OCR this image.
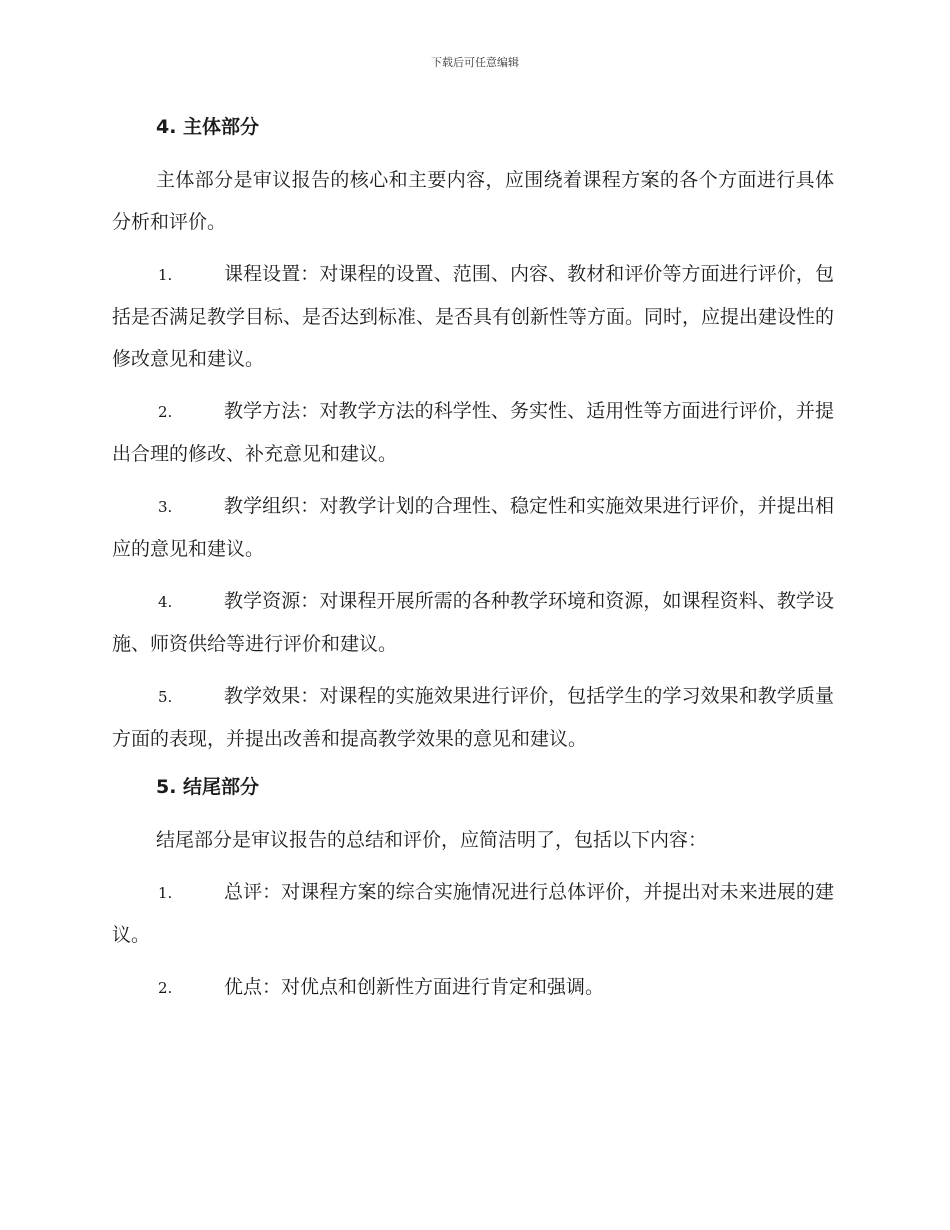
下载后可任意编辑
4. 主体部分

主体部分是审议报告的核心和主要内容，应围绕着课程方案的各个方面进行具体分析和评价。

1.	课程设置：对课程的设置、范围、内容、教材和评价等方面进行评价，包括是否满足教学目标、是否达到标准、是否具有创新性等方面。同时，应提出建设性的修改意见和建议。

2.	教学方法：对教学方法的科学性、务实性、适用性等方面进行评价，并提出合理的修改、补充意见和建议。

3.	教学组织：对教学计划的合理性、稳定性和实施效果进行评价，并提出相应的意见和建议。

4.	教学资源：对课程开展所需的各种教学环境和资源，如课程资料、教学设施、师资供给等进行评价和建议。

5.	教学效果：对课程的实施效果进行评价，包括学生的学习效果和教学质量方面的表现，并提出改善和提高教学效果的意见和建议。

5. 结尾部分

结尾部分是审议报告的总结和评价，应简洁明了，包括以下内容：

1.	总评：对课程方案的综合实施情况进行总体评价，并提出对未来进展的建议。

2.	优点：对优点和创新性方面进行肯定和强调。
